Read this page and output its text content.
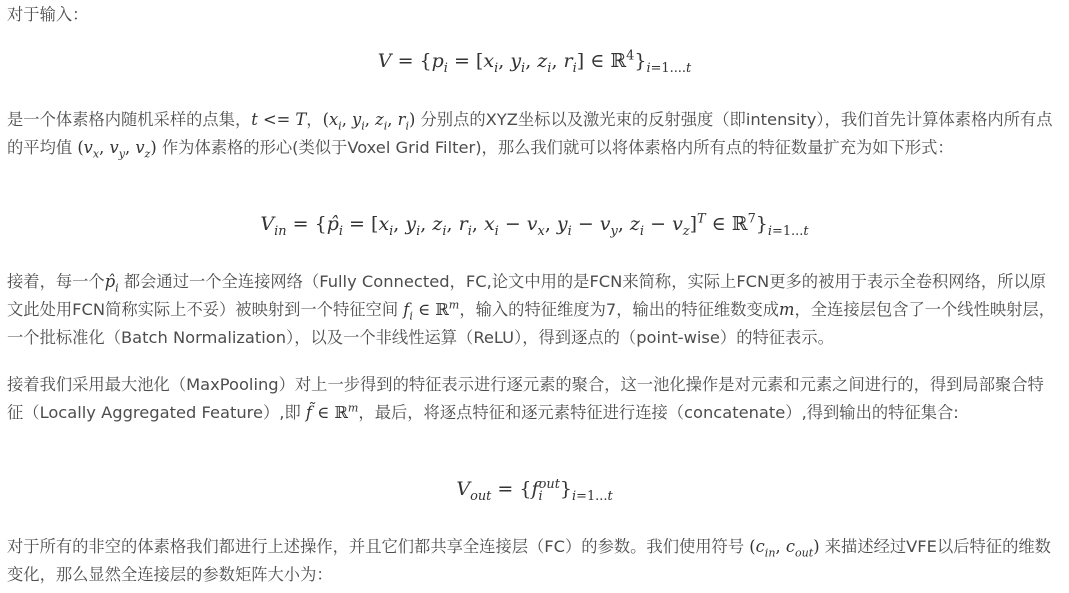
对于输入：

$V = \{p_i = [x_i$, $y_i$, $z_i$, $r_i$] ∈ $ℝ^4\}_{i=1....t}$

是一个体素格内随机采样的点集，t <= T，($x_i$, $y_i$, $z_i$, $r_i$) 分别点的XYZ坐标以及激光束的反射强度（即intensity），我们首先计算体素格内所有点的平均值 ($v_x$, $v_y$, $v_z$) 作为体素格的形心(类似于Voxel Grid Filter)，那么我们就可以将体素格内所有点的特征数量扩充为如下形式：

$V_{in}$ = {$p̂_i = [x_i$, $y_i$, $z_i$, $r_i$, $x_i - v_x$, $y_i - v_y$, $z_i - v_z]^T$ ∈ $ℝ^7\}_{i=1...t}$

接着，每一个$p̂_i$ 都会通过一个全连接网络（Fully Connected，FC,论文中用的是FCN来简称，实际上FCN更多的被用于表示全卷积网络，所以原文此处用FCN简称实际上不妥）被映射到一个特征空间 $f_i$ ∈ ℝ$^m$，输入的特征维度为7，输出的特征维数变成m，全连接层包含了一个线性映射层，一个批标准化（Batch Normalization），以及一个非线性运算（ReLU），得到逐点的（point-wise）的特征表示。

接着我们采用最大池化（MaxPooling）对上一步得到的特征表示进行逐元素的聚合，这一池化操作是对元素和元素之间进行的，得到局部聚合特征（Locally Aggregated Feature）,即 f̃ ∈ ℝ$^m$，最后，将逐点特征和逐元素特征进行连接（concatenate）,得到输出的特征集合:

$V_{out} = \{f_i^{out}\}_{i=1...t}$

对于所有的非空的体素格我们都进行上述操作，并且它们都共享全连接层（FC）的参数。我们使用符号 ($c_{in}$, $c_{out}$) 来描述经过VFE以后特征的维数变化，那么显然全连接层的参数矩阵大小为：
